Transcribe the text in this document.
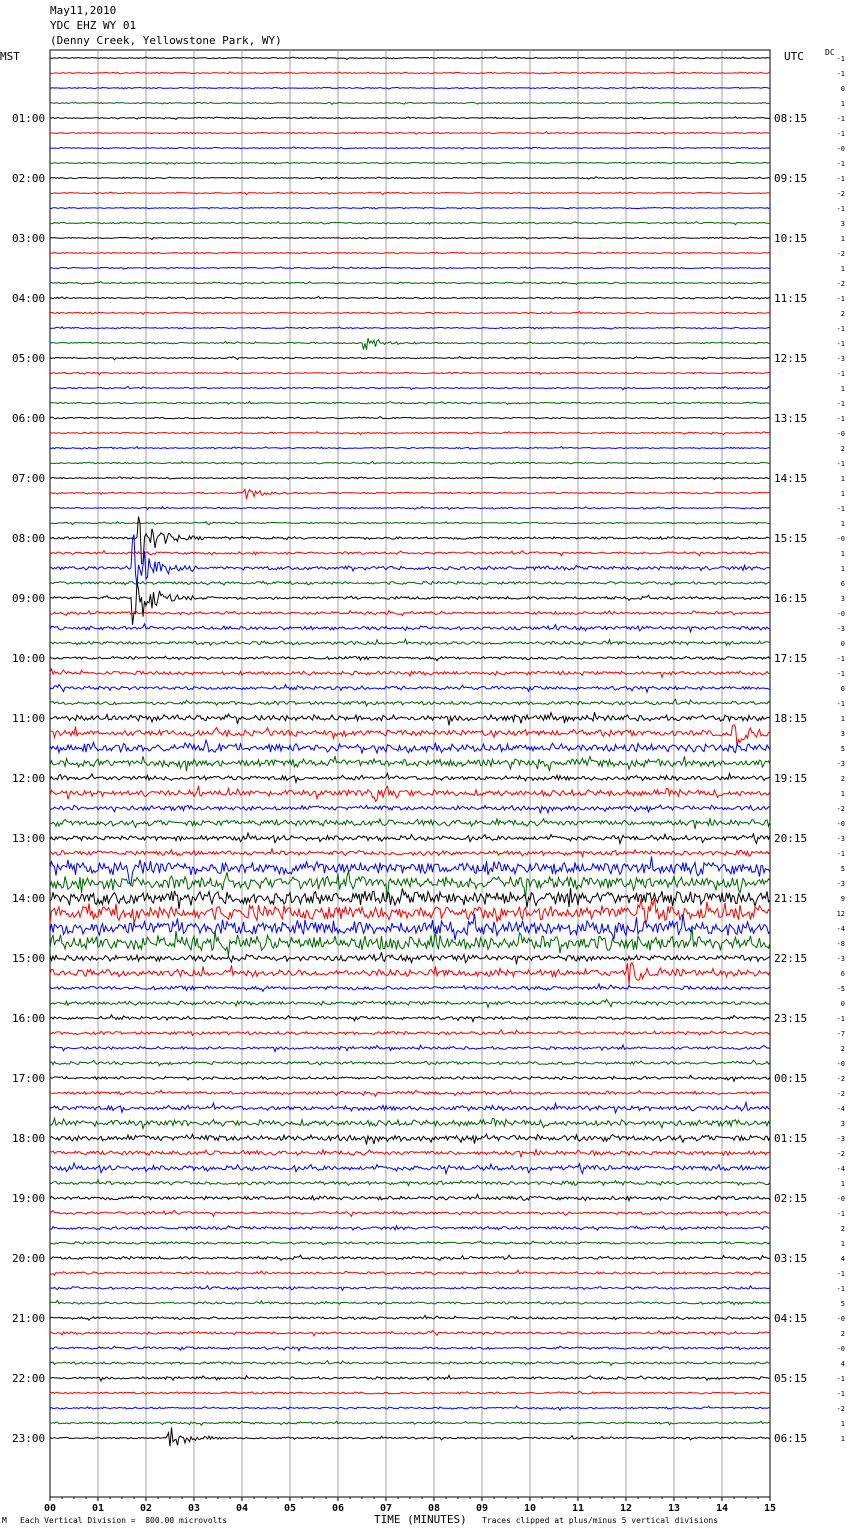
May11,2010
YDC EHZ WY 01
(Denny Creek, Yellowstone Park, WY)
MST	UTC	DC
01:00
02:00
03:00
04:00
05:00
06:00
07:00
08:00
09:00
10:00
11:00
12:00
13:00
14:00
15:00
16:00
17:00
18:00
19:00
20:00
21:00
22:00
23:00
08:15
09:15
10:15
11:15
12:15
13:15
14:15
15:15
16:15
17:15
18:15
19:15
20:15
21:15
22:15
23:15
00:15
01:15
02:15
03:15
04:15
05:15
06:15
-1
-1
0
1
-1
-1
-0
-1
-1
-2
-1
3
1
-2
1
-2
-1
2
-1
-1
-3
-1
1
-1
-1
-0
2
-1
1
1
-1
1
-0
1
1
6
3
-0
-3
0
-1
-1
6
-1
1
3
5
-3
2
1
-2
-0
-3
-1
5
-3
9
12
-4
-8
-3
6
-5
0
-1
-7
2
-0
-2
-2
-4
3
-3
-2
-4
1
-0
-1
2
1
4
-1
-1
5
-0
2
-0
4
-1
-1
-2
1
1
00	01	02	03	04	05	06	07	08	09	10	11	12	13	14	15
M Each Vertical Division =  800.00 microvolts	TIME (MINUTES) Traces clipped at plus/minus 5 vertical divisions
